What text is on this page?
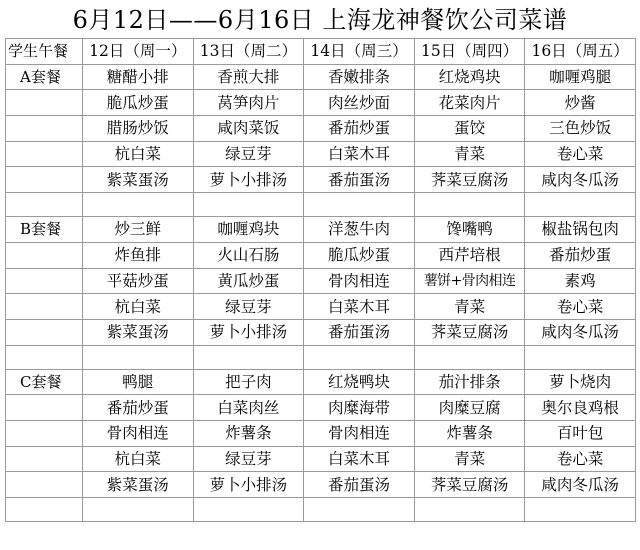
6月12日——6月16日 上海龙神餐饮公司菜谱
学生午餐	12日（周一）	13日（周二）	14日（周三）	15日（周四）	16日（周五）
A套餐	糖醋小排	香煎大排	香嫩排条	红烧鸡块	咖喱鸡腿
	脆瓜炒蛋	莴笋肉片	肉丝炒面	花菜肉片	炒酱
	腊肠炒饭	咸肉菜饭	番茄炒蛋	蛋饺	三色炒饭
	杭白菜	绿豆芽	白菜木耳	青菜	卷心菜
	紫菜蛋汤	萝卜小排汤	番茄蛋汤	荠菜豆腐汤	咸肉冬瓜汤

B套餐	炒三鲜	咖喱鸡块	洋葱牛肉	馋嘴鸭	椒盐锅包肉
	炸鱼排	火山石肠	脆瓜炒蛋	西芹培根	番茄炒蛋
	平菇炒蛋	黄瓜炒蛋	骨肉相连	薯饼+骨肉相连	素鸡
	杭白菜	绿豆芽	白菜木耳	青菜	卷心菜
	紫菜蛋汤	萝卜小排汤	番茄蛋汤	荠菜豆腐汤	咸肉冬瓜汤

C套餐	鸭腿	把子肉	红烧鸭块	茄汁排条	萝卜烧肉
	番茄炒蛋	白菜肉丝	肉糜海带	肉糜豆腐	奥尔良鸡根
	骨肉相连	炸薯条	骨肉相连	炸薯条	百叶包
	杭白菜	绿豆芽	白菜木耳	青菜	卷心菜
	紫菜蛋汤	萝卜小排汤	番茄蛋汤	荠菜豆腐汤	咸肉冬瓜汤
